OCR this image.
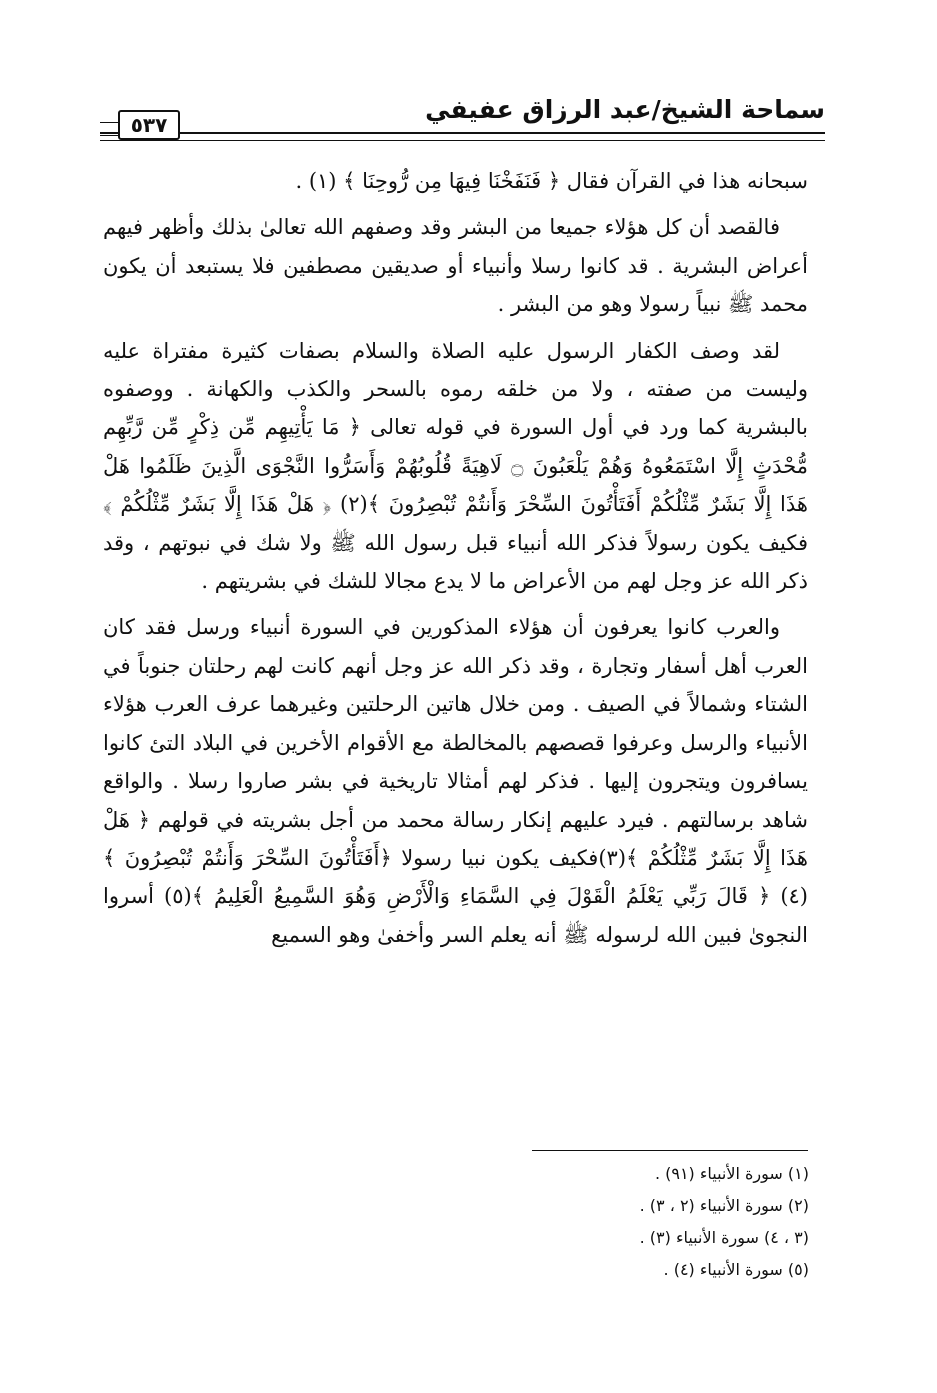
سماحة الشيخ/عبد الرزاق عفيفي
٥٣٧

سبحانه هذا في القرآن فقال ﴿ فَنَفَخْنَا فِيهَا مِن رُّوحِنَا ﴾ (١) .

فالقصد أن كل هؤلاء جميعا من البشر وقد وصفهم الله تعالىٰ بذلك وأظهر فيهم أعراض البشرية . قد كانوا رسلا وأنبياء أو صديقين مصطفين فلا يستبعد أن يكون محمد ﷺ نبياً رسولا وهو من البشر .

لقد وصف الكفار الرسول عليه الصلاة والسلام بصفات كثيرة مفتراة عليه وليست من صفته ، ولا من خلقه رموه بالسحر والكذب والكهانة . ووصفوه بالبشرية كما ورد في أول السورة في قوله تعالى ﴿ مَا يَأْتِيهِم مِّن ذِكْرٍ مِّن رَّبِّهِم مُّحْدَثٍ إِلَّا اسْتَمَعُوهُ وَهُمْ يَلْعَبُونَ ۝ لَاهِيَةً قُلُوبُهُمْ وَأَسَرُّوا النَّجْوَى الَّذِينَ ظَلَمُوا هَلْ هَذَا إِلَّا بَشَرٌ مِّثْلُكُمْ أَفَتَأْتُونَ السِّحْرَ وَأَنتُمْ تُبْصِرُونَ ﴾(٢) ﴿ هَلْ هَذَا إِلَّا بَشَرٌ مِّثْلُكُمْ ﴾ فكيف يكون رسولاً فذكر الله أنبياء قبل رسول الله ﷺ ولا شك في نبوتهم ، وقد ذكر الله عز وجل لهم من الأعراض ما لا يدع مجالا للشك في بشريتهم .

والعرب كانوا يعرفون أن هؤلاء المذكورين في السورة أنبياء ورسل فقد كان العرب أهل أسفار وتجارة ، وقد ذكر الله عز وجل أنهم كانت لهم رحلتان جنوباً في الشتاء وشمالاً في الصيف . ومن خلال هاتين الرحلتين وغيرهما عرف العرب هؤلاء الأنبياء والرسل وعرفوا قصصهم بالمخالطة مع الأقوام الأخرين في البلاد التئ كانوا يسافرون ويتجرون إليها . فذكر لهم أمثالا تاريخية في بشر صاروا رسلا . والواقع شاهد برسالتهم . فيرد عليهم إنكار رسالة محمد من أجل بشريته في قولهم ﴿ هَلْ هَذَا إِلَّا بَشَرٌ مِّثْلُكُمْ ﴾(٣)فكيف يكون نبيا رسولا ﴿أَفَتَأْتُونَ السِّحْرَ وَأَنتُمْ تُبْصِرُونَ ﴾ (٤) ﴿ قَالَ رَبِّي يَعْلَمُ الْقَوْلَ فِي السَّمَاءِ وَالْأَرْضِ وَهُوَ السَّمِيعُ الْعَلِيمُ ﴾(٥) أسروا النجوىٰ فبين الله لرسوله ﷺ أنه يعلم السر وأخفىٰ وهو السميع

(١) سورة الأنبياء (٩١) .
(٢) سورة الأنبياء (٢ ، ٣) .
(٣ ، ٤) سورة الأنبياء (٣) .
(٥) سورة الأنبياء (٤) .
